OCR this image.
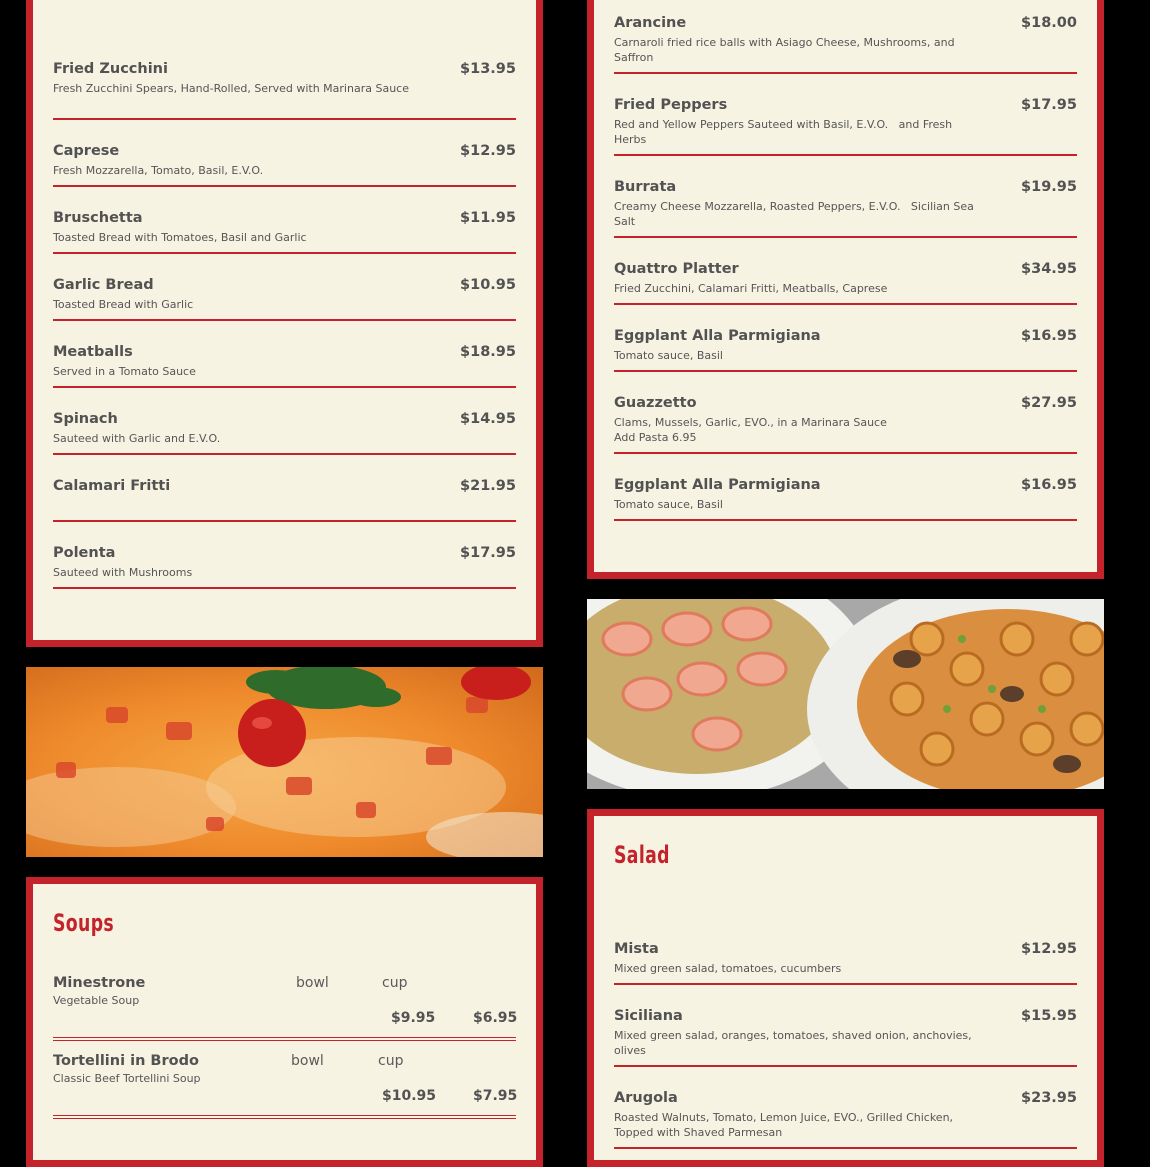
Fried Zucchini	$13.95
Fresh Zucchini Spears, Hand-Rolled, Served with Marinara Sauce
Caprese	$12.95
Fresh Mozzarella, Tomato, Basil, E.V.O.
Bruschetta	$11.95
Toasted Bread with Tomatoes, Basil and Garlic
Garlic Bread	$10.95
Toasted Bread with Garlic
Meatballs	$18.95
Served in a Tomato Sauce
Spinach	$14.95
Sauteed with Garlic and E.V.O.
Calamari Fritti	$21.95
Polenta	$17.95
Sauteed with Mushrooms
Arancine	$18.00
Carnaroli fried rice balls with Asiago Cheese, Mushrooms, and Saffron
Fried Peppers	$17.95
Red and Yellow Peppers Sauteed with Basil, E.V.O.   and Fresh Herbs
Burrata	$19.95
Creamy Cheese Mozzarella, Roasted Peppers, E.V.O.   Sicilian Sea Salt
Quattro Platter	$34.95
Fried Zucchini, Calamari Fritti, Meatballs, Caprese
Eggplant Alla Parmigiana	$16.95
Tomato sauce, Basil
Guazzetto	$27.95
Clams, Mussels, Garlic, EVO., in a Marinara Sauce
Add Pasta 6.95
Eggplant Alla Parmigiana	$16.95
Tomato sauce, Basil
Soups
Minestrone	bowl	cup
Vegetable Soup
$9.95	$6.95
Tortellini in Brodo	bowl	cup
Classic Beef Tortellini Soup
$10.95	$7.95
Salad
Mista	$12.95
Mixed green salad, tomatoes, cucumbers
Siciliana	$15.95
Mixed green salad, oranges, tomatoes, shaved onion, anchovies, olives
Arugola	$23.95
Roasted Walnuts, Tomato, Lemon Juice, EVO., Grilled Chicken, Topped with Shaved Parmesan
